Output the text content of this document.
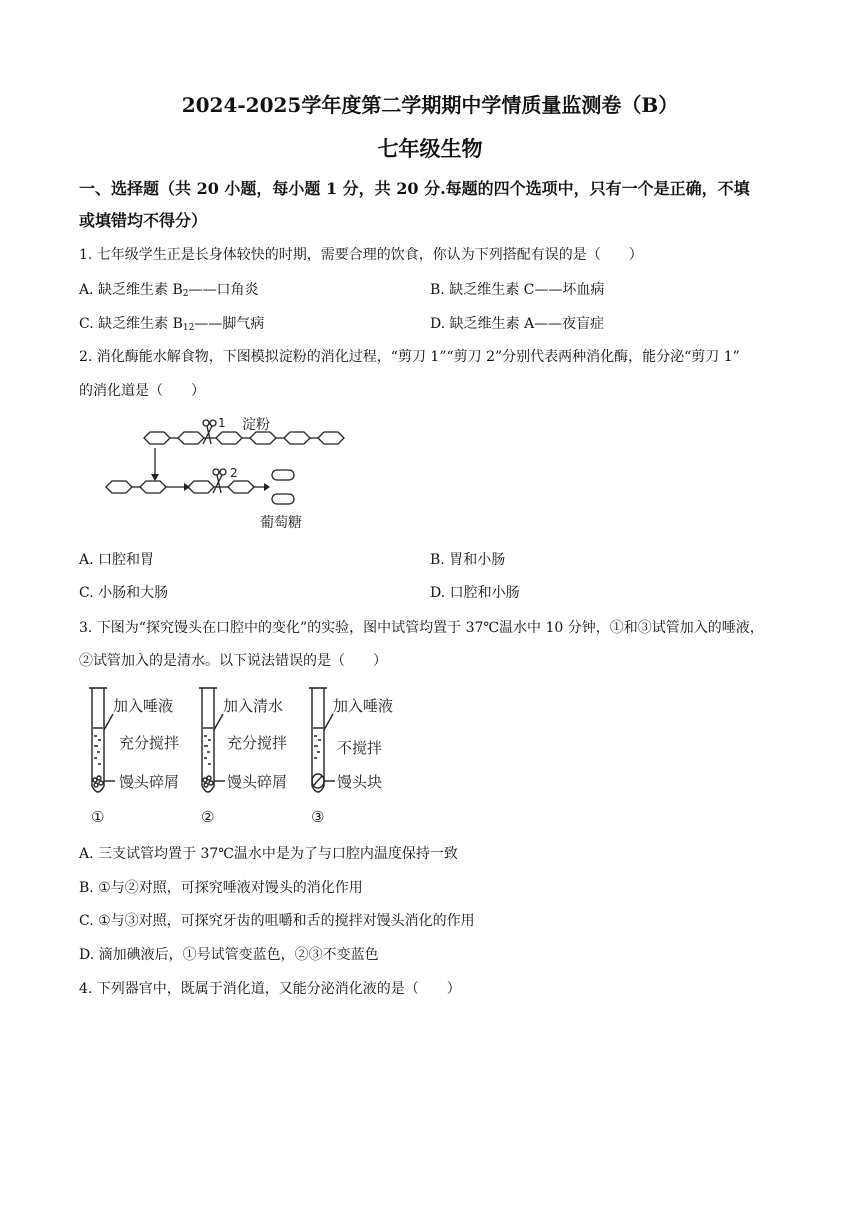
2024-2025学年度第二学期期中学情质量监测卷（B）
七年级生物
一、选择题（共 20 小题，每小题 1 分，共 20 分.每题的四个选项中，只有一个是正确，不填
或填错均不得分）
1. 七年级学生正是长身体较快的时期，需要合理的饮食，你认为下列搭配有误的是（　　）
A. 缺乏维生素 $B_2——$口角炎	B. 缺乏维生素 C——坏血病
C. 缺乏维生素 $B_{12}——$脚气病	D. 缺乏维生素 A——夜盲症
2. 消化酶能水解食物，下图模拟淀粉的消化过程，“剪刀 1”“剪刀 2”分别代表两种消化酶，能分泌“剪刀 1”
的消化道是（　　）
1
2
淀粉
葡萄糖
A. 口腔和胃	B. 胃和小肠
C. 小肠和大肠	D. 口腔和小肠
3. 下图为“探究馒头在口腔中的变化”的实验，图中试管均置于 37℃温水中 10 分钟，①和③试管加入的唾液，
②试管加入的是清水。以下说法错误的是（　　）
加入唾液
充分搅拌
馒头碎屑
①
加入清水
充分搅拌
馒头碎屑
②
加入唾液
不搅拌
馒头块
③
A. 三支试管均置于 37℃温水中是为了与口腔内温度保持一致
B. ①与②对照，可探究唾液对馒头的消化作用
C. ①与③对照，可探究牙齿的咀嚼和舌的搅拌对馒头消化的作用
D. 滴加碘液后，①号试管变蓝色，②③不变蓝色
4. 下列器官中，既属于消化道，又能分泌消化液的是（　　）
